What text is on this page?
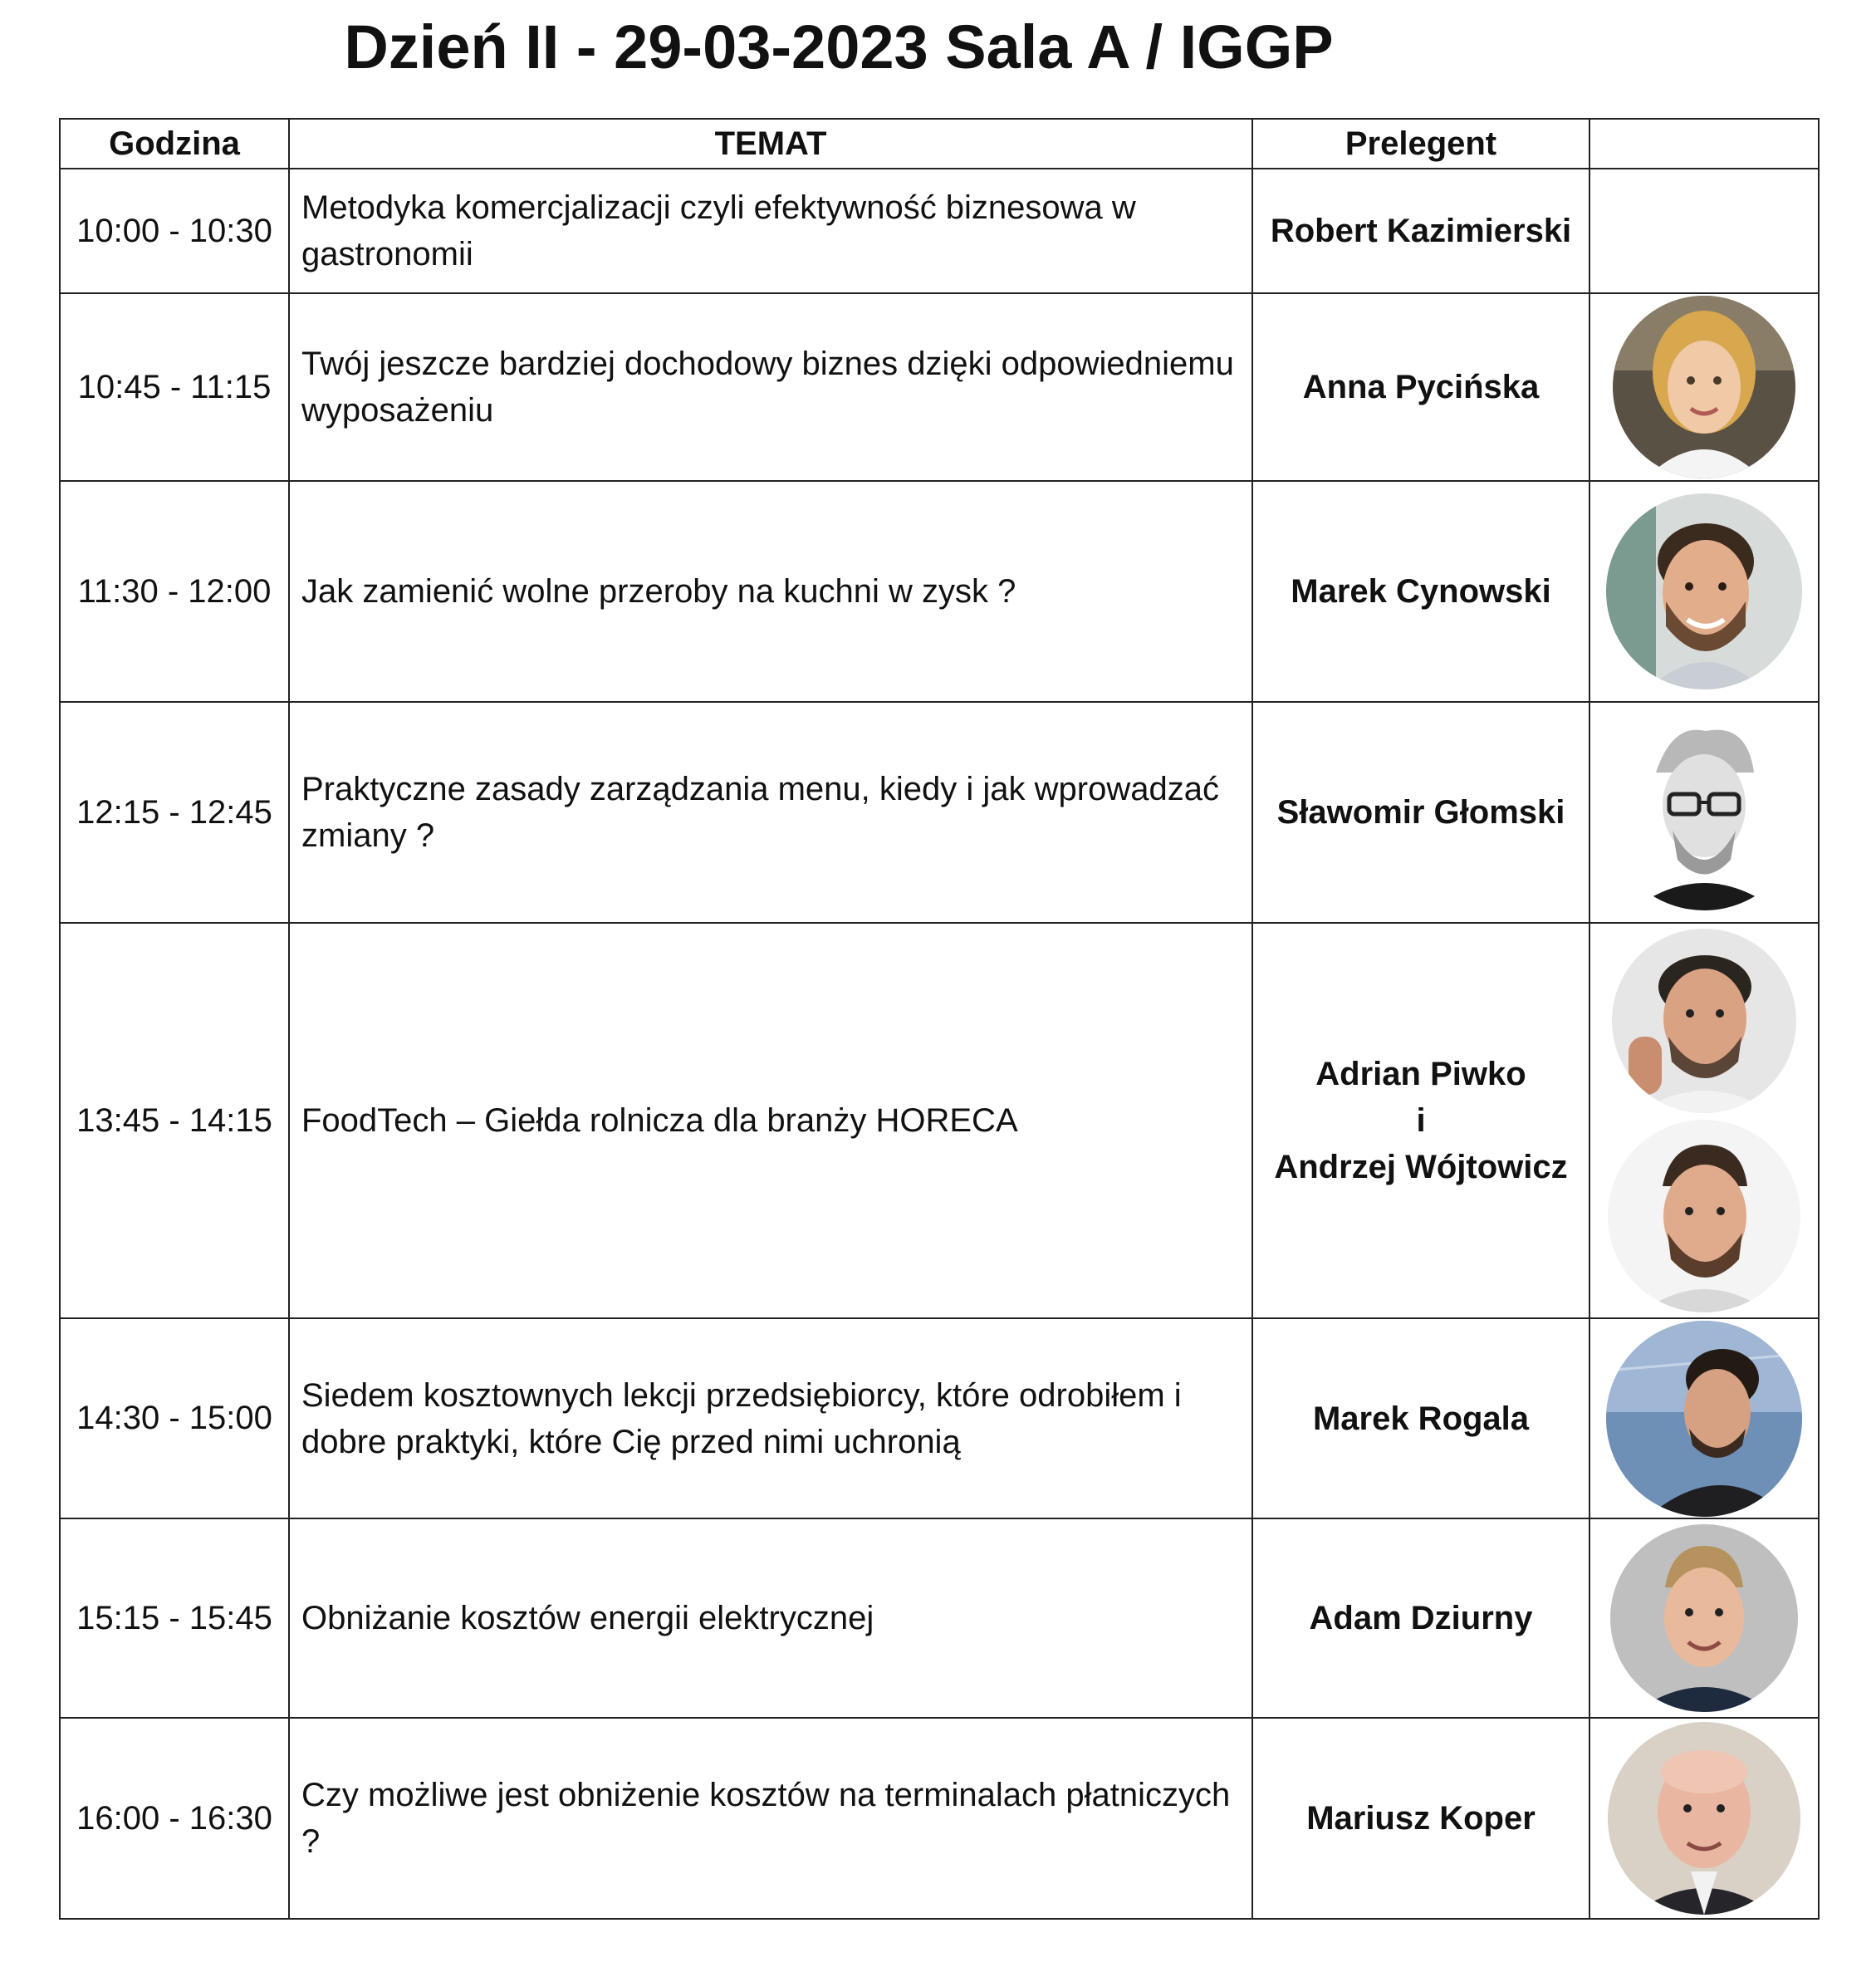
Dzień II - 29-03-2023 Sala A / IGGP
Godzina	TEMAT	Prelegent	
10:00 - 10:30	Metodyka komercjalizacji czyli efektywność biznesowa w gastronomii	Robert Kazimierski	
10:45 - 11:15	Twój jeszcze bardziej dochodowy biznes dzięki odpowiedniemu wyposażeniu	Anna Pycińska	

11:30 - 12:00	Jak zamienić wolne przeroby na kuchni w zysk ?	Marek Cynowski	

12:15 - 12:45	Praktyczne zasady zarządzania menu, kiedy i jak wprowadzać zmiany ?	Sławomir Głomski	

13:45 - 14:15	FoodTech – Giełda rolnicza dla branży HORECA	Adrian Piwko
i
Andrzej Wójtowicz

14:30 - 15:00	Siedem kosztownych lekcji przedsiębiorcy, które odrobiłem i dobre praktyki, które Cię przed nimi uchronią	Marek Rogala	

15:15 - 15:45	Obniżanie kosztów energii elektrycznej	Adam Dziurny	

16:00 - 16:30	Czy możliwe jest obniżenie kosztów na terminalach płatniczych ?	Mariusz Koper	
